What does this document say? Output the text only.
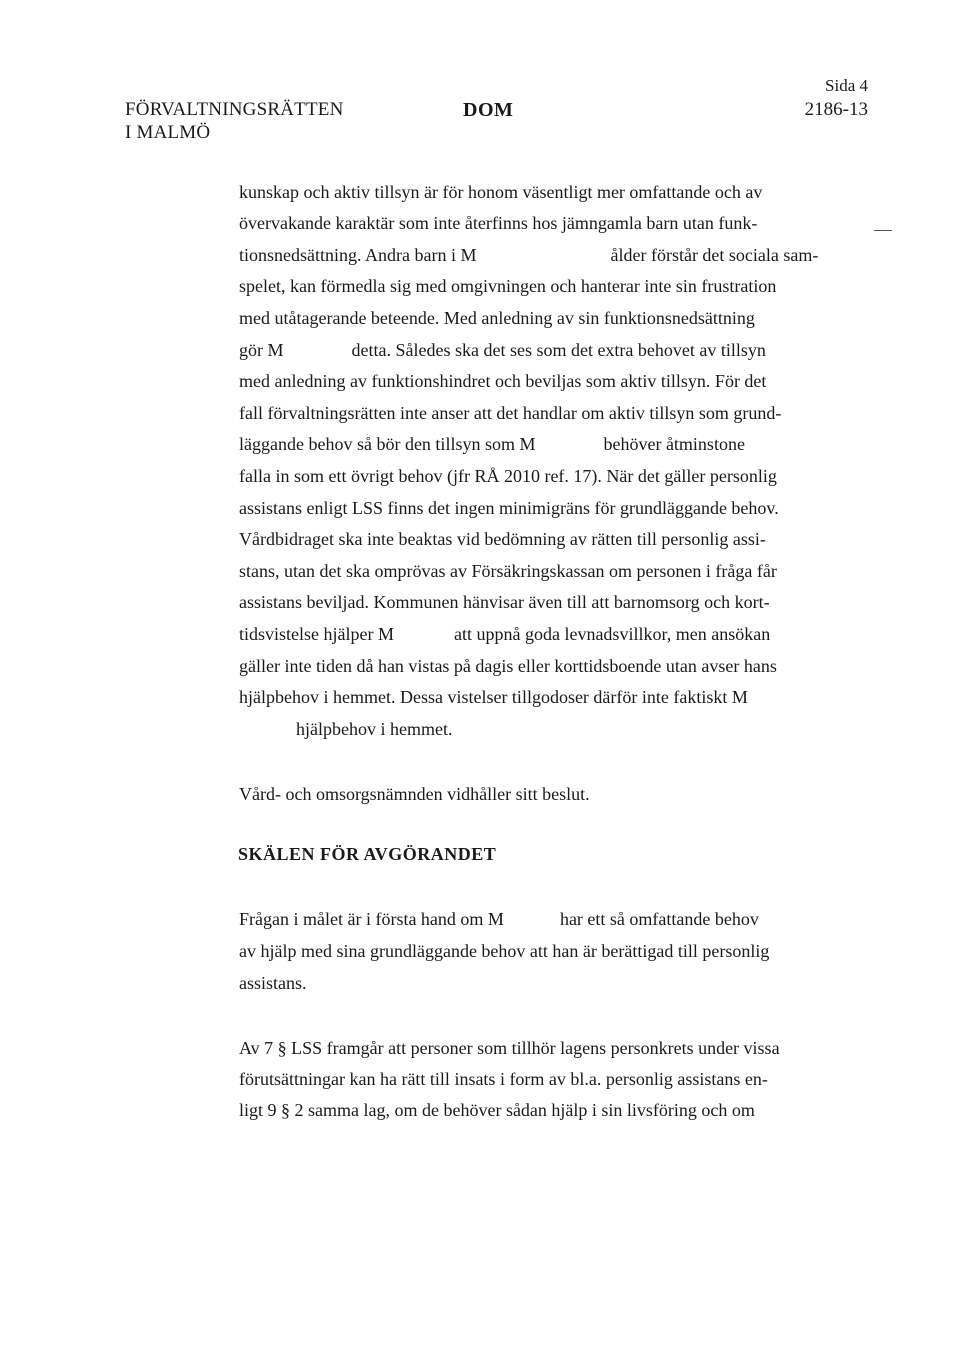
FÖRVALTNINGSRÄTTEN
I MALMÖ
DOM
Sida 4
2186-13
kunskap och aktiv tillsyn är för honom väsentligt mer omfattande och av
övervakande karaktär som inte återfinns hos jämngamla barn utan funk-
tionsnedsättning. Andra barn i M	ålder förstår det sociala sam-
spelet, kan förmedla sig med omgivningen och hanterar inte sin frustration
med utåtagerande beteende. Med anledning av sin funktionsnedsättning
gör M	detta. Således ska det ses som det extra behovet av tillsyn
med anledning av funktionshindret och beviljas som aktiv tillsyn. För det
fall förvaltningsrätten inte anser att det handlar om aktiv tillsyn som grund-
läggande behov så bör den tillsyn som M	behöver åtminstone
falla in som ett övrigt behov (jfr RÅ 2010 ref. 17). När det gäller personlig
assistans enligt LSS finns det ingen minimigräns för grundläggande behov.
Vårdbidraget ska inte beaktas vid bedömning av rätten till personlig assi-
stans, utan det ska omprövas av Försäkringskassan om personen i fråga får
assistans beviljad. Kommunen hänvisar även till att barnomsorg och kort-
tidsvistelse hjälper M	att uppnå goda levnadsvillkor, men ansökan
gäller inte tiden då han vistas på dagis eller korttidsboende utan avser hans
hjälpbehov i hemmet. Dessa vistelser tillgodoser därför inte faktiskt M
hjälpbehov i hemmet.
Vård- och omsorgsnämnden vidhåller sitt beslut.
SKÄLEN FÖR AVGÖRANDET
Frågan i målet är i första hand om M	har ett så omfattande behov
av hjälp med sina grundläggande behov att han är berättigad till personlig
assistans.
Av 7 § LSS framgår att personer som tillhör lagens personkrets under vissa
förutsättningar kan ha rätt till insats i form av bl.a. personlig assistans en-
ligt 9 § 2 samma lag, om de behöver sådan hjälp i sin livsföring och om
